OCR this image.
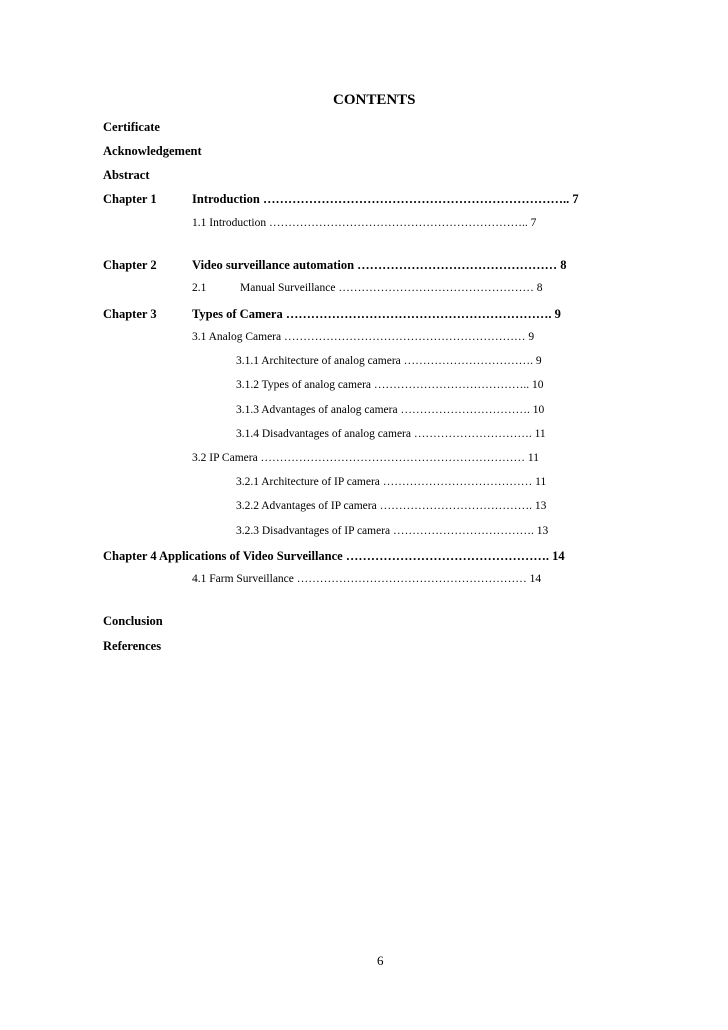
CONTENTS
Certificate
Acknowledgement
Abstract
Chapter 1	Introduction ……………………………………………………………….. 7
1.1 Introduction ………………………………………………………….. 7
Chapter 2	Video surveillance automation ………………………………………… 8
2.1	Manual Surveillance …………………………………………… 8
Chapter 3	Types of Camera ………………………………………………………. 9
3.1 Analog Camera ……………………………………………………… 9
3.1.1 Architecture of analog camera ……………………………. 9
3.1.2 Types of analog camera ………………………………….. 10
3.1.3 Advantages of analog camera ……………………………. 10
3.1.4 Disadvantages of analog camera …………………………. 11
3.2 IP Camera …………………………………………………………… 11
3.2.1 Architecture of IP camera ………………………………… 11
3.2.2 Advantages of IP camera …………………………………. 13
3.2.3 Disadvantages of IP camera ………………………………. 13
Chapter 4 Applications of Video Surveillance …………………………………………. 14
4.1 Farm Surveillance …………………………………………………… 14
Conclusion
References
6
